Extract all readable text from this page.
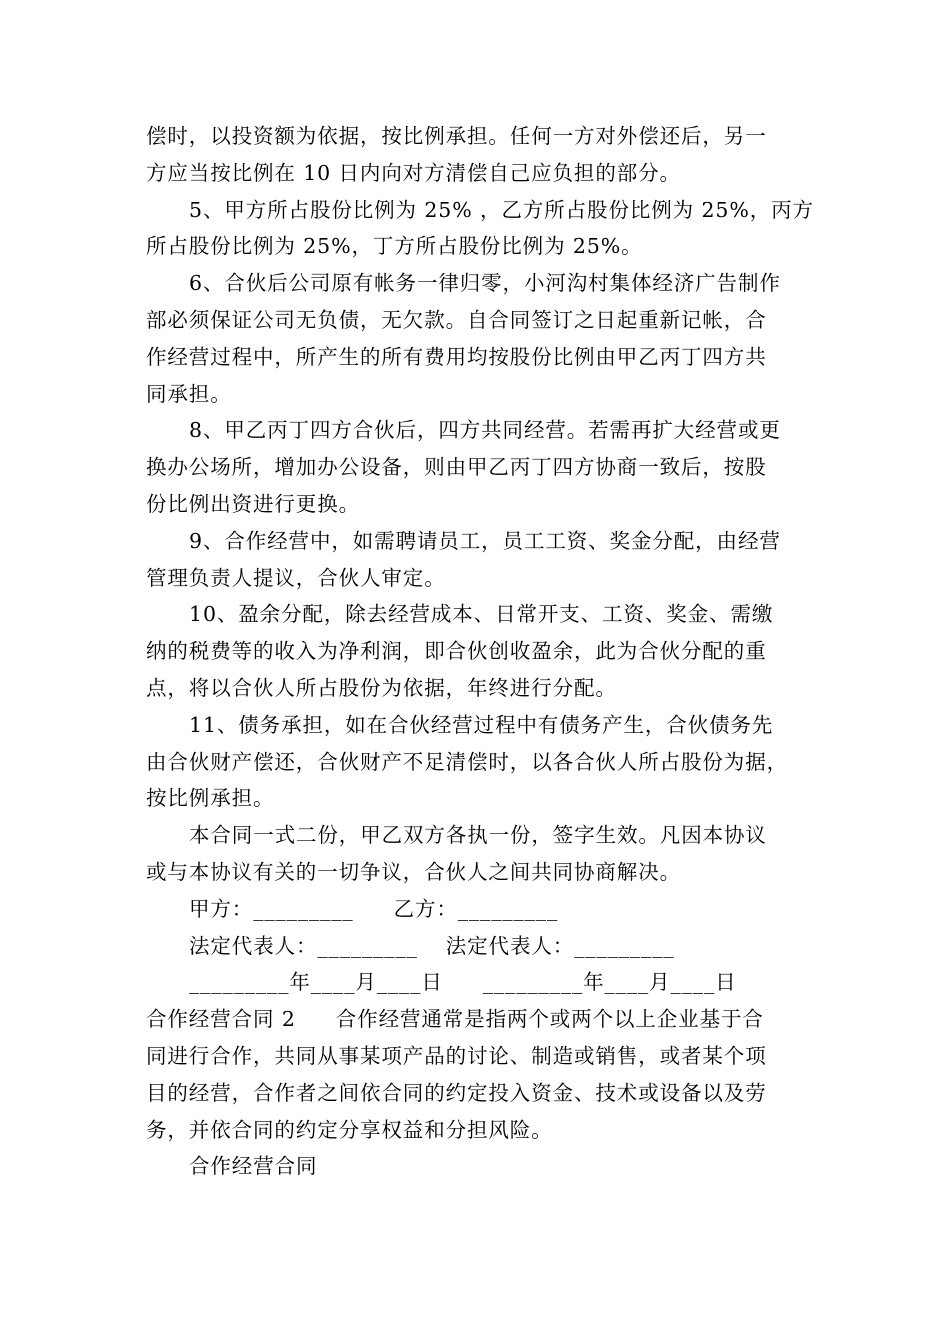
偿时，以投资额为依据，按比例承担。任何一方对外偿还后，另一
方应当按比例在 10 日内向对方清偿自己应负担的部分。
5、甲方所占股份比例为 25% ，乙方所占股份比例为 25%，丙方
所占股份比例为 25%，丁方所占股份比例为 25%。
6、合伙后公司原有帐务一律归零，小河沟村集体经济广告制作
部必须保证公司无负债，无欠款。自合同签订之日起重新记帐，合
作经营过程中，所产生的所有费用均按股份比例由甲乙丙丁四方共
同承担。
8、甲乙丙丁四方合伙后，四方共同经营。若需再扩大经营或更
换办公场所，增加办公设备，则由甲乙丙丁四方协商一致后，按股
份比例出资进行更换。
9、合作经营中，如需聘请员工，员工工资、奖金分配，由经营
管理负责人提议，合伙人审定。
10、盈余分配，除去经营成本、日常开支、工资、奖金、需缴
纳的税费等的收入为净利润，即合伙创收盈余，此为合伙分配的重
点，将以合伙人所占股份为依据，年终进行分配。
11、债务承担，如在合伙经营过程中有债务产生，合伙债务先
由合伙财产偿还，合伙财产不足清偿时，以各合伙人所占股份为据，
按比例承担。
本合同一式二份，甲乙双方各执一份，签字生效。凡因本协议
或与本协议有关的一切争议，合伙人之间共同协商解决。
甲方：_________ 乙方：_________
法定代表人：_________ 法定代表人：_________
_________年____月____日 _________年____月____日
合作经营合同 2 合作经营通常是指两个或两个以上企业基于合
同进行合作，共同从事某项产品的讨论、制造或销售，或者某个项
目的经营，合作者之间依合同的约定投入资金、技术或设备以及劳
务，并依合同的约定分享权益和分担风险。
合作经营合同
